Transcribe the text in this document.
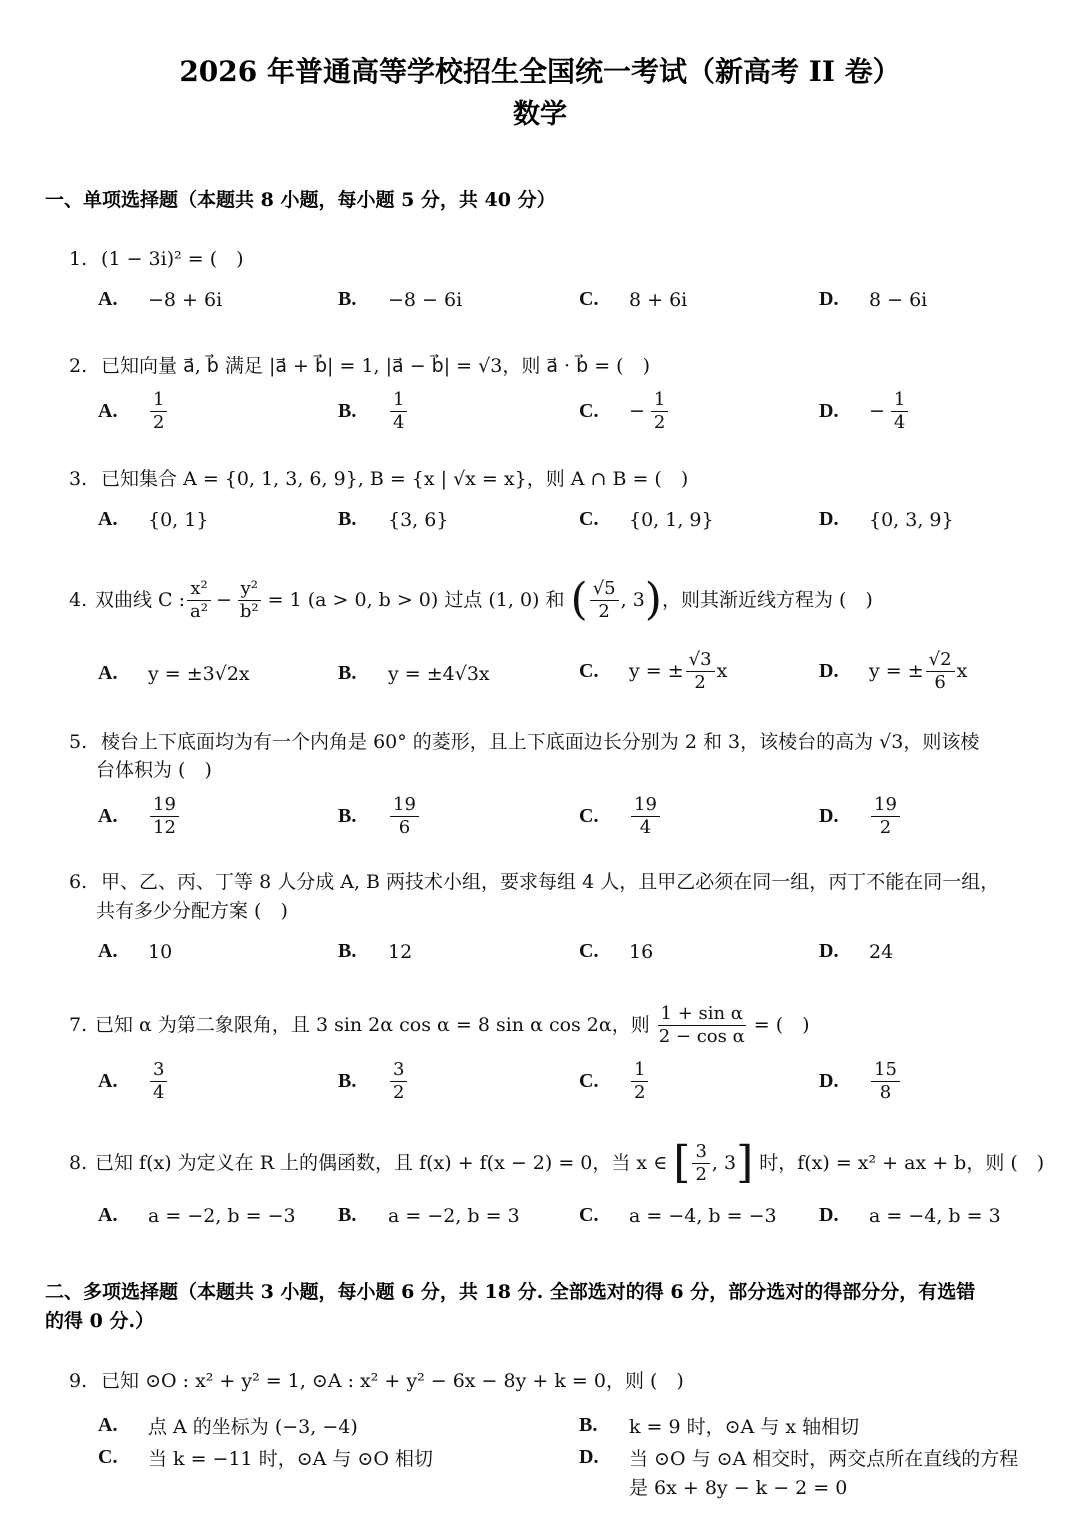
2026 年普通高等学校招生全国统一考试（新高考 II 卷）
数学
一、单项选择题（本题共 8 小题，每小题 5 分，共 40 分）
1. (1 − 3i)² = (　)
A.	−8 + 6i	B.	−8 − 6i	C.	8 + 6i	D.	8 − 6i
2. 已知向量 a⃗, b⃗ 满足 |a⃗ + b⃗| = 1, |a⃗ − b⃗| = √3，则 a⃗ · b⃗ = (　)
A.	$\frac{1}{2}$	B.	$\frac{1}{4}$	C.	− $\frac{1}{2}$	D.	− $\frac{1}{4}$
3. 已知集合 A = {0, 1, 3, 6, 9}, B = {x | √x = x}，则 A ∩ B = (　)
A.	{0, 1}	B.	{3, 6}	C.	{0, 1, 9}	D.	{0, 3, 9}
4. 双曲线 C : $\frac{\text{x²}}{\text{a²}} - \frac{\text{y²}}{\text{b²}} = 1$ (a > 0, b > 0) 过点 (1, 0) 和 ( $\frac{√5}{2}$ , 3 ) ，则其渐近线方程为 (　)
A.	y = ±3√2x	B.	y = ±4√3x	C.	y = ± $\frac{√3}{2}$ x	D.	y = ± $\frac{√2}{6}$ x
5. 棱台上下底面均为有一个内角是 60° 的菱形，且上下底面边长分别为 2 和 3，该棱台的高为 √3，则该棱
台体积为 (　)
A.	$\frac{19}{12}$	B.	$\frac{19}{6}$	C.	$\frac{19}{4}$	D.	$\frac{19}{2}$
6. 甲、乙、丙、丁等 8 人分成 A, B 两技术小组，要求每组 4 人，且甲乙必须在同一组，丙丁不能在同一组，
共有多少分配方案 (　)
A.	10	B.	12	C.	16	D.	24
7. 已知 α 为第二象限角，且 3 sin 2α cos α = 8 sin α cos 2α，则 $\frac{\text{1 + sin α}}{\text{2 − cos α}}$ = (　)
A.	$\frac{3}{4}$	B.	$\frac{3}{2}$	C.	$\frac{1}{2}$	D.	$\frac{15}{8}$
8. 已知 f(x) 为定义在 R 上的偶函数，且 f(x) + f(x − 2) = 0，当 x ∈ [ $\frac{3}{2}$ , 3 ] 时，f(x) = x² + ax + b，则 (　)
A.	a = −2, b = −3 B.	a = −2, b = 3	C.	a = −4, b = −3 D.	a = −4, b = 3
二、多项选择题（本题共 3 小题，每小题 6 分，共 18 分. 全部选对的得 6 分，部分选对的得部分分，有选错
的得 0 分.）
9. 已知 ⊙O : x² + y² = 1, ⊙A : x² + y² − 6x − 8y + k = 0，则 (　)
A.	点 A 的坐标为 (−3, −4)	B.	k = 9 时，⊙A 与 x 轴相切
C.	当 k = −11 时，⊙A 与 ⊙O 相切	D.	当 ⊙O 与 ⊙A 相交时，两交点所在直线的方程
是 6x + 8y − k − 2 = 0
